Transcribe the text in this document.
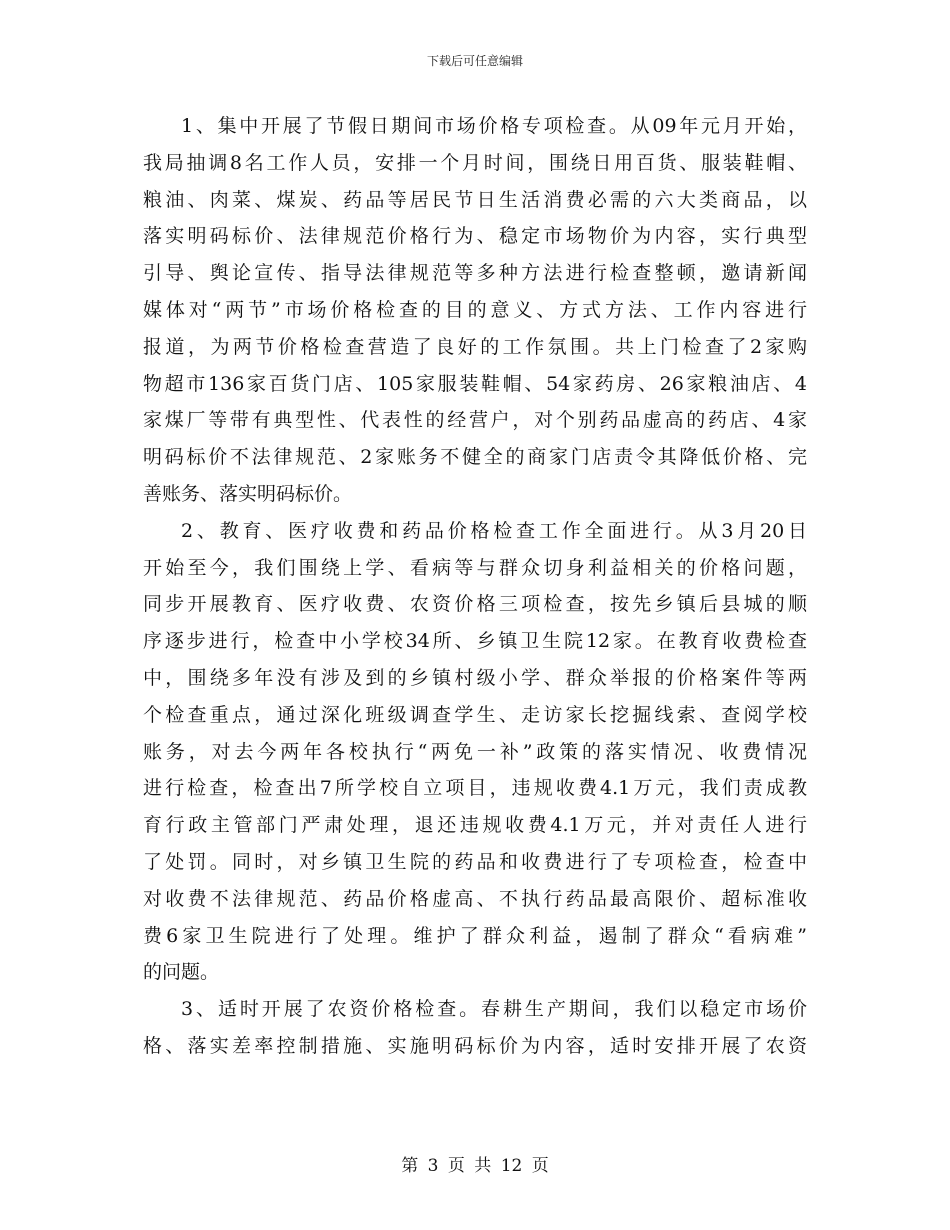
下载后可任意编辑
1、集中开展了节假日期间市场价格专项检查。从09年元月开始，
我局抽调8名工作人员，安排一个月时间，围绕日用百货、服装鞋帽、
粮油、肉菜、煤炭、药品等居民节日生活消费必需的六大类商品，以
落实明码标价、法律规范价格行为、稳定市场物价为内容，实行典型
引导、舆论宣传、指导法律规范等多种方法进行检查整顿，邀请新闻
媒体对“两节”市场价格检查的目的意义、方式方法、工作内容进行
报道，为两节价格检查营造了良好的工作氛围。共上门检查了2家购
物超市136家百货门店、105家服装鞋帽、54家药房、26家粮油店、4
家煤厂等带有典型性、代表性的经营户，对个别药品虚高的药店、4家
明码标价不法律规范、2家账务不健全的商家门店责令其降低价格、完
善账务、落实明码标价。
2、教育、医疗收费和药品价格检查工作全面进行。从3月20日
开始至今，我们围绕上学、看病等与群众切身利益相关的价格问题，
同步开展教育、医疗收费、农资价格三项检查，按先乡镇后县城的顺
序逐步进行，检查中小学校34所、乡镇卫生院12家。在教育收费检查
中，围绕多年没有涉及到的乡镇村级小学、群众举报的价格案件等两
个检查重点，通过深化班级调查学生、走访家长挖掘线索、查阅学校
账务，对去今两年各校执行“两免一补”政策的落实情况、收费情况
进行检查，检查出7所学校自立项目，违规收费4.1万元，我们责成教
育行政主管部门严肃处理，退还违规收费4.1万元，并对责任人进行
了处罚。同时，对乡镇卫生院的药品和收费进行了专项检查，检查中
对收费不法律规范、药品价格虚高、不执行药品最高限价、超标准收
费6家卫生院进行了处理。维护了群众利益，遏制了群众“看病难”
的问题。
3、适时开展了农资价格检查。春耕生产期间，我们以稳定市场价
格、落实差率控制措施、实施明码标价为内容，适时安排开展了农资
第 3 页 共 12 页
